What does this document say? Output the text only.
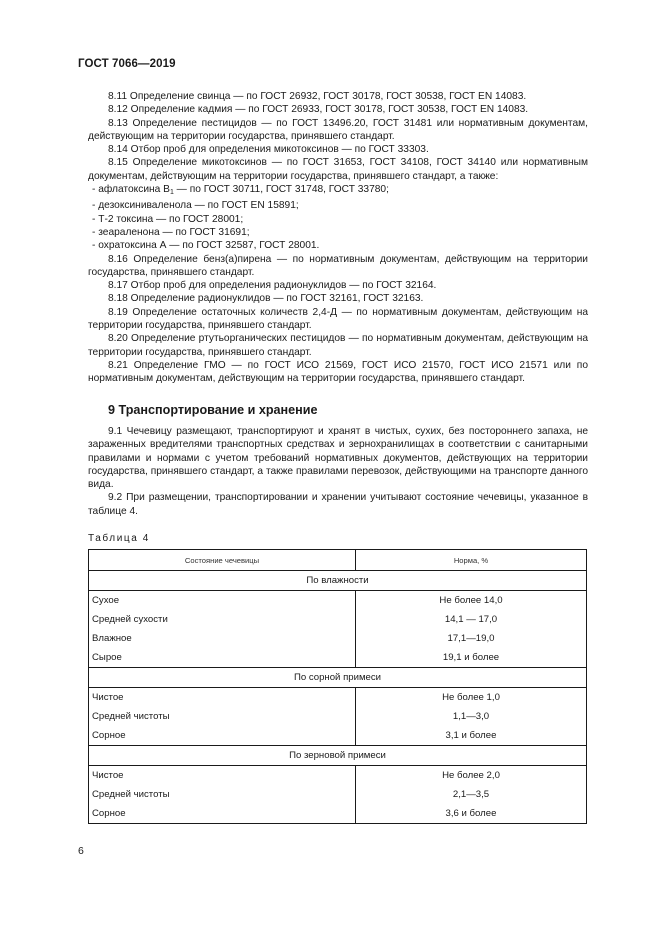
ГОСТ 7066—2019

8.11 Определение свинца — по ГОСТ 26932, ГОСТ 30178, ГОСТ 30538, ГОСТ EN 14083.

8.12 Определение кадмия — по ГОСТ 26933, ГОСТ 30178, ГОСТ 30538, ГОСТ EN 14083.

8.13 Определение пестицидов — по ГОСТ 13496.20, ГОСТ 31481 или нормативным документам, действующим на территории государства, принявшего стандарт.

8.14 Отбор проб для определения микотоксинов — по ГОСТ 33303.

8.15 Определение микотоксинов — по ГОСТ 31653, ГОСТ 34108, ГОСТ 34140 или нормативным документам, действующим на территории государства, принявшего стандарт, а также:

- афлатоксина $B_1$ — по ГОСТ 30711, ГОСТ 31748, ГОСТ 33780;

- дезоксиниваленола — по ГОСТ EN 15891;

- Т-2 токсина — по ГОСТ 28001;

- зеараленона — по ГОСТ 31691;

- охратоксина А — по ГОСТ 32587, ГОСТ 28001.

8.16 Определение бенз(а)пирена — по нормативным документам, действующим на территории государства, принявшего стандарт.

8.17 Отбор проб для определения радионуклидов — по ГОСТ 32164.

8.18 Определение радионуклидов — по ГОСТ 32161, ГОСТ 32163.

8.19 Определение остаточных количеств 2,4-Д — по нормативным документам, действующим на территории государства, принявшего стандарт.

8.20 Определение ртутьорганических пестицидов — по нормативным документам, действующим на территории государства, принявшего стандарт.

8.21 Определение ГМО — по ГОСТ ИСО 21569, ГОСТ ИСО 21570, ГОСТ ИСО 21571 или по нормативным документам, действующим на территории государства, принявшего стандарт.

9 Транспортирование и хранение

9.1 Чечевицу размещают, транспортируют и хранят в чистых, сухих, без постороннего запаха, не зараженных вредителями транспортных средствах и зернохранилищах в соответствии с санитарными правилами и нормами с учетом требований нормативных документов, действующих на территории государства, принявшего стандарт, а также правилами перевозок, действующими на транспорте данного вида.

9.2 При размещении, транспортировании и хранении учитывают состояние чечевицы, указанное в таблице 4.

Таблица 4
Состояние чечевицы	Норма, %
По влажности	
Сухое	Не более 14,0
Средней сухости	14,1 — 17,0
Влажное	17,1—19,0
Сырое	19,1 и более
По сорной примеси	
Чистое	Не более 1,0
Средней чистоты	1,1—3,0
Сорное	3,1 и более
По зерновой примеси	
Чистое	Не более 2,0
Средней чистоты	2,1—3,5
Сорное	3,6 и более
6
